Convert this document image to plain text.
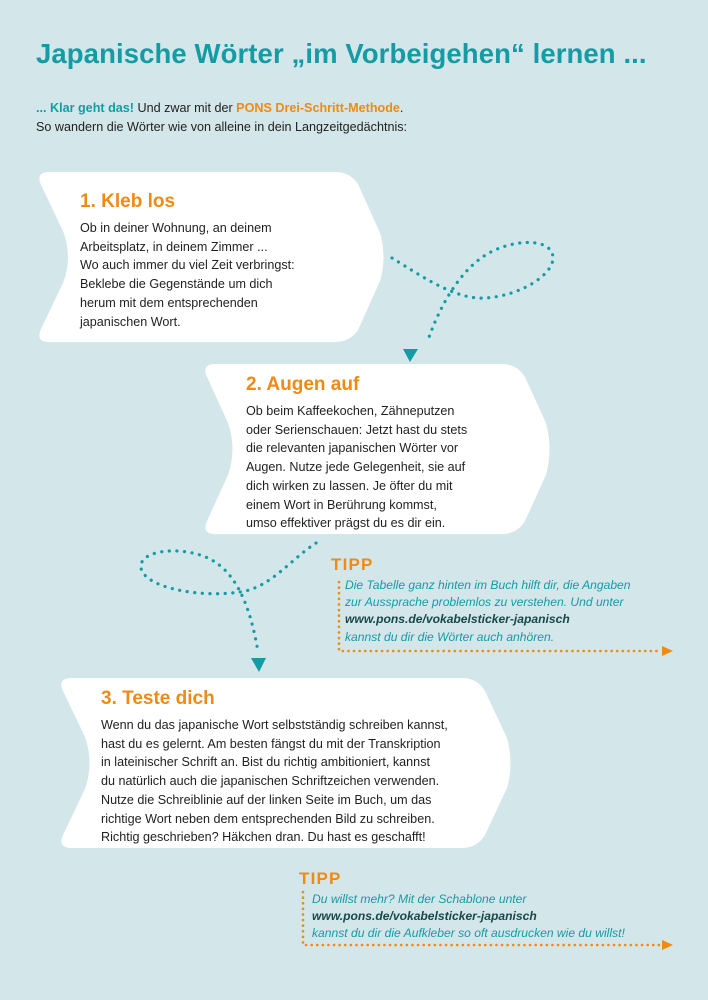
Japanische Wörter „im Vorbeigehen“ lernen ...
... Klar geht das! Und zwar mit der PONS Drei-Schritt-Methode.
So wandern die Wörter wie von alleine in dein Langzeitgedächtnis:
1. Kleb los
Ob in deiner Wohnung, an deinem
Arbeitsplatz, in deinem Zimmer ...
Wo auch immer du viel Zeit verbringst:
Beklebe die Gegenstände um dich
herum mit dem entsprechenden
japanischen Wort.
2. Augen auf
Ob beim Kaffeekochen, Zähneputzen
oder Serienschauen: Jetzt hast du stets
die relevanten japanischen Wörter vor
Augen. Nutze jede Gelegenheit, sie auf
dich wirken zu lassen. Je öfter du mit
einem Wort in Berührung kommst,
umso effektiver prägst du es dir ein.
TIPP
Die Tabelle ganz hinten im Buch hilft dir, die Angaben
zur Aussprache problemlos zu verstehen. Und unter
www.pons.de/vokabelsticker-japanisch
kannst du dir die Wörter auch anhören.
3. Teste dich
Wenn du das japanische Wort selbstständig schreiben kannst,
hast du es gelernt. Am besten fängst du mit der Transkription
in lateinischer Schrift an. Bist du richtig ambitioniert, kannst
du natürlich auch die japanischen Schriftzeichen verwenden.
Nutze die Schreiblinie auf der linken Seite im Buch, um das
richtige Wort neben dem entsprechenden Bild zu schreiben.
Richtig geschrieben? Häkchen dran. Du hast es geschafft!
TIPP
Du willst mehr? Mit der Schablone unter
www.pons.de/vokabelsticker-japanisch
kannst du dir die Aufkleber so oft ausdrucken wie du willst!
